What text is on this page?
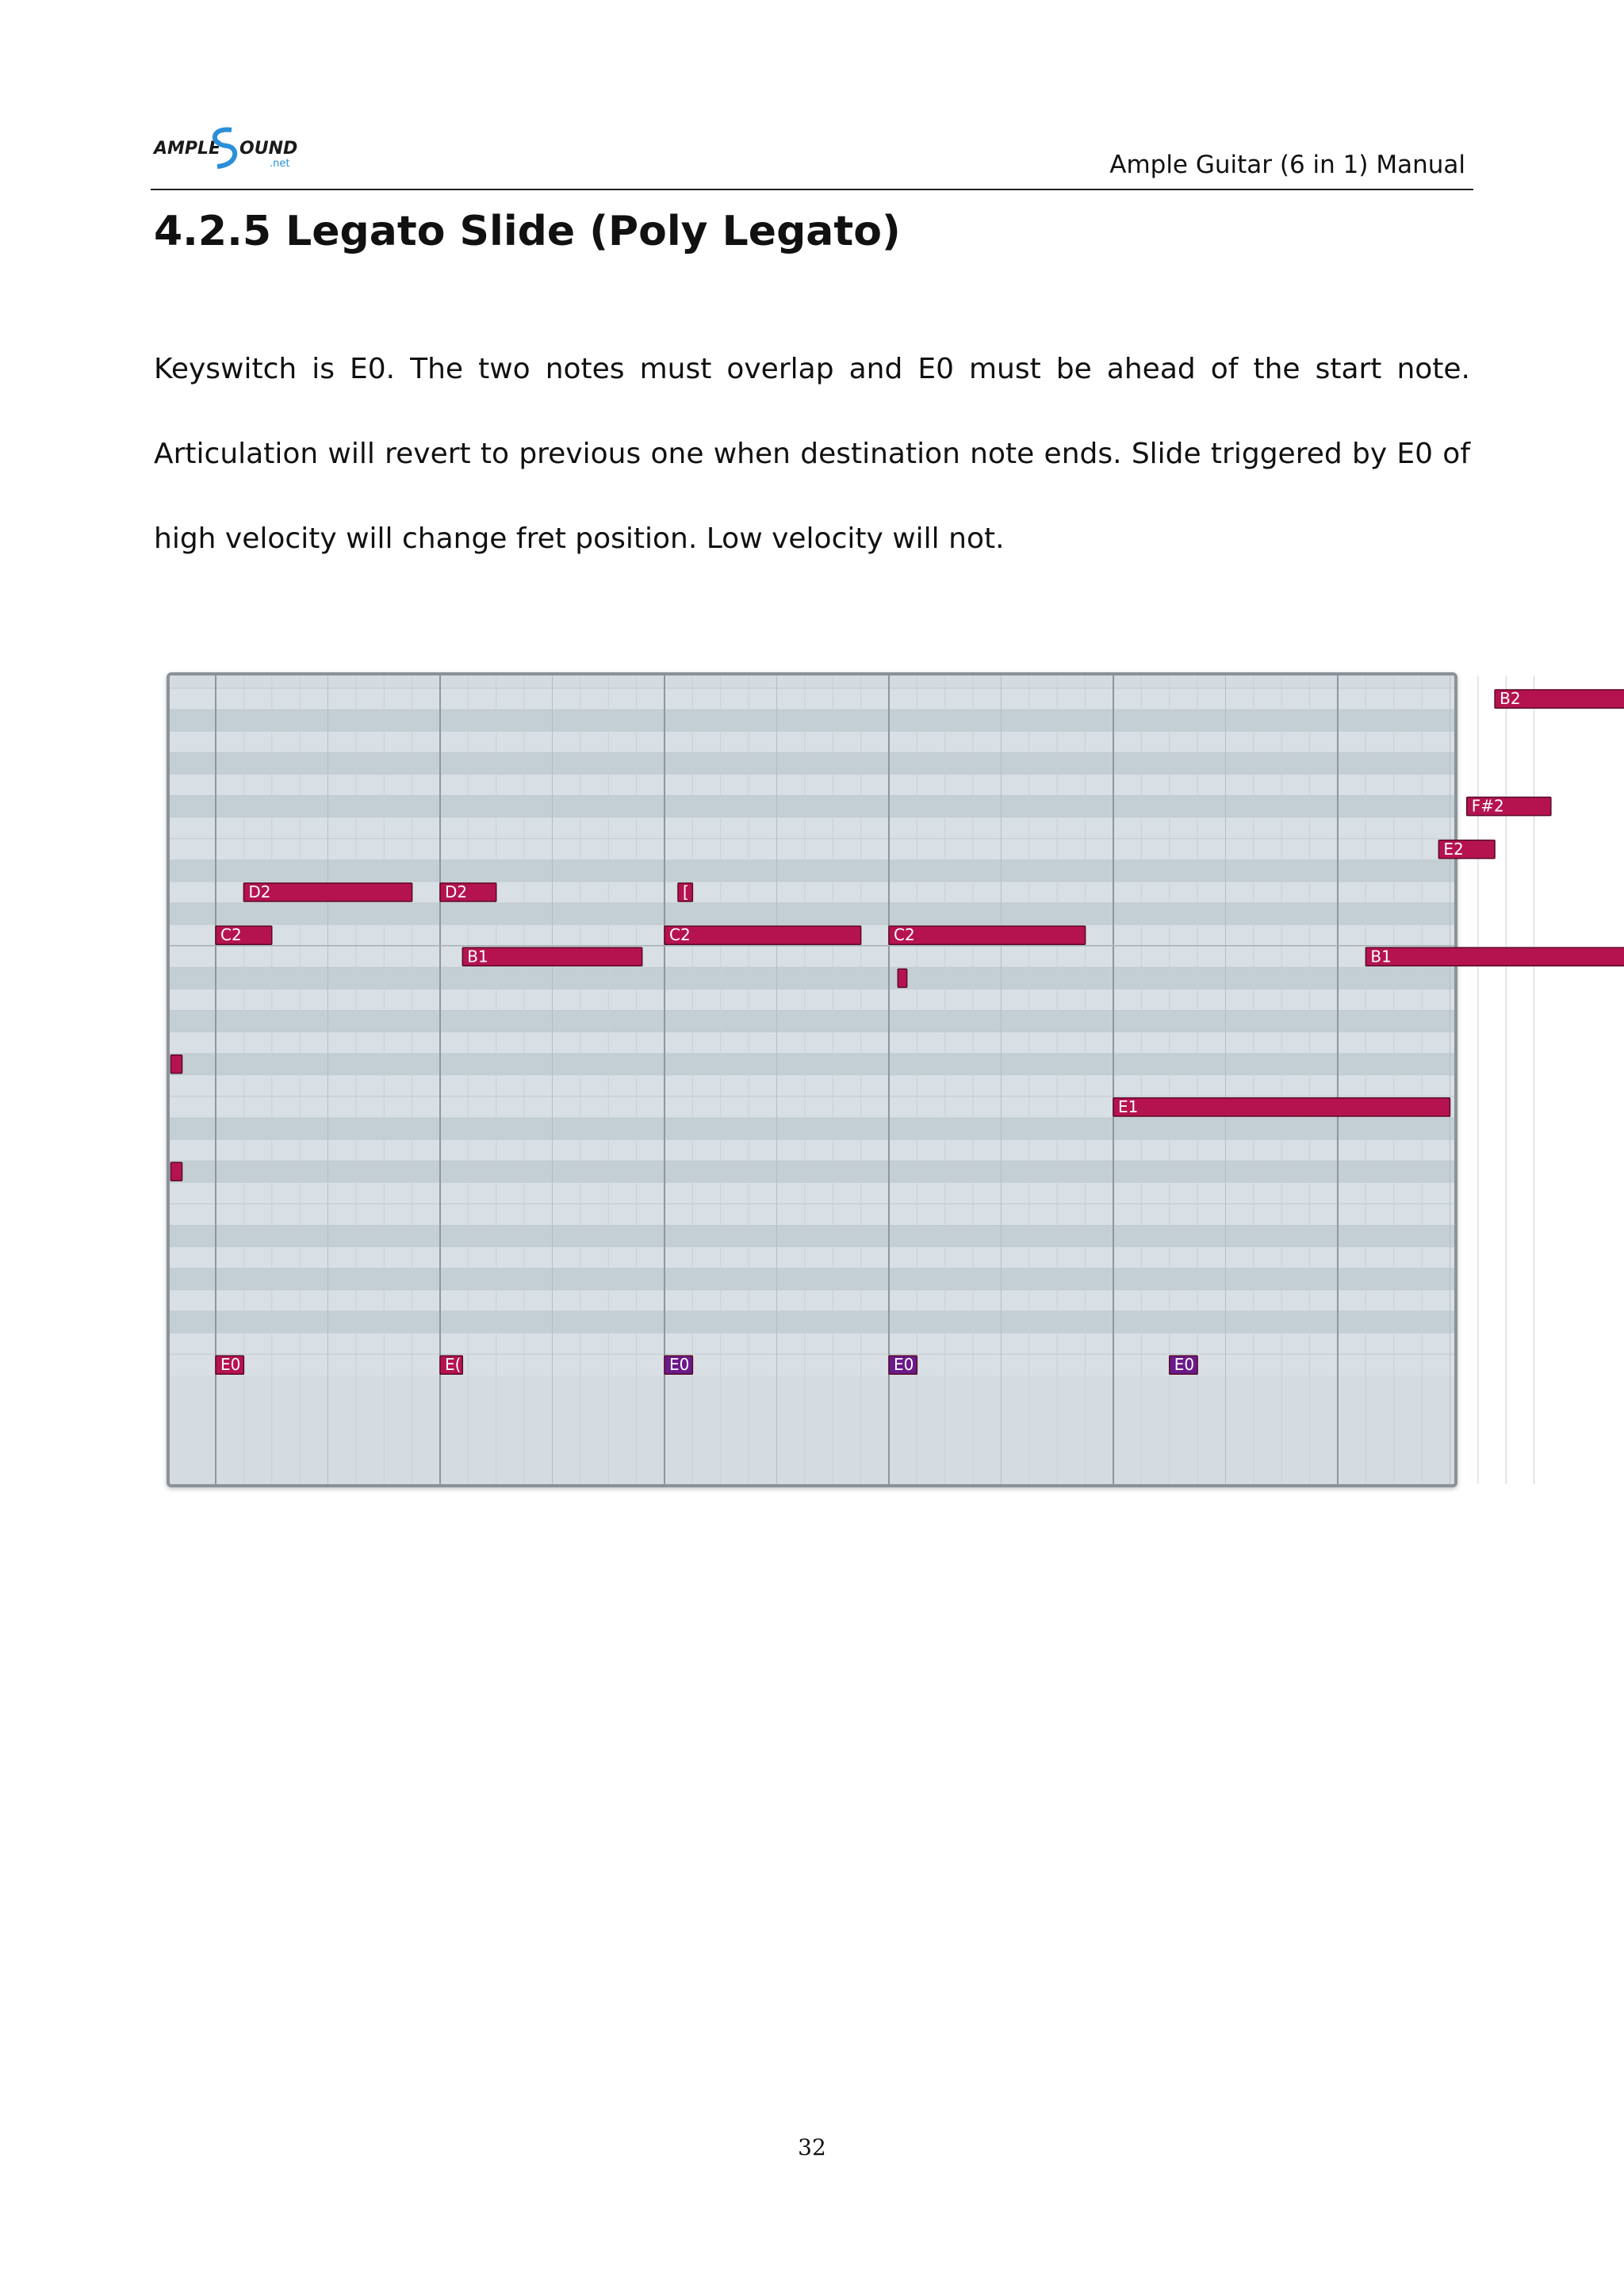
AMPLE OUND
.net	Ample Guitar (6 in 1) Manual
4.2.5 Legato Slide (Poly Legato)

Keyswitch is E0. The two notes must overlap and E0 must be ahead of the start note. Articulation will revert to previous one when destination note ends. Slide triggered by E0 of high velocity will change fret position. Low velocity will not.

B2
F#2
E2
D2	D2	[
C2	C2	C2
B1	B1
E1
E0	E(	E0	E0	E0
32
